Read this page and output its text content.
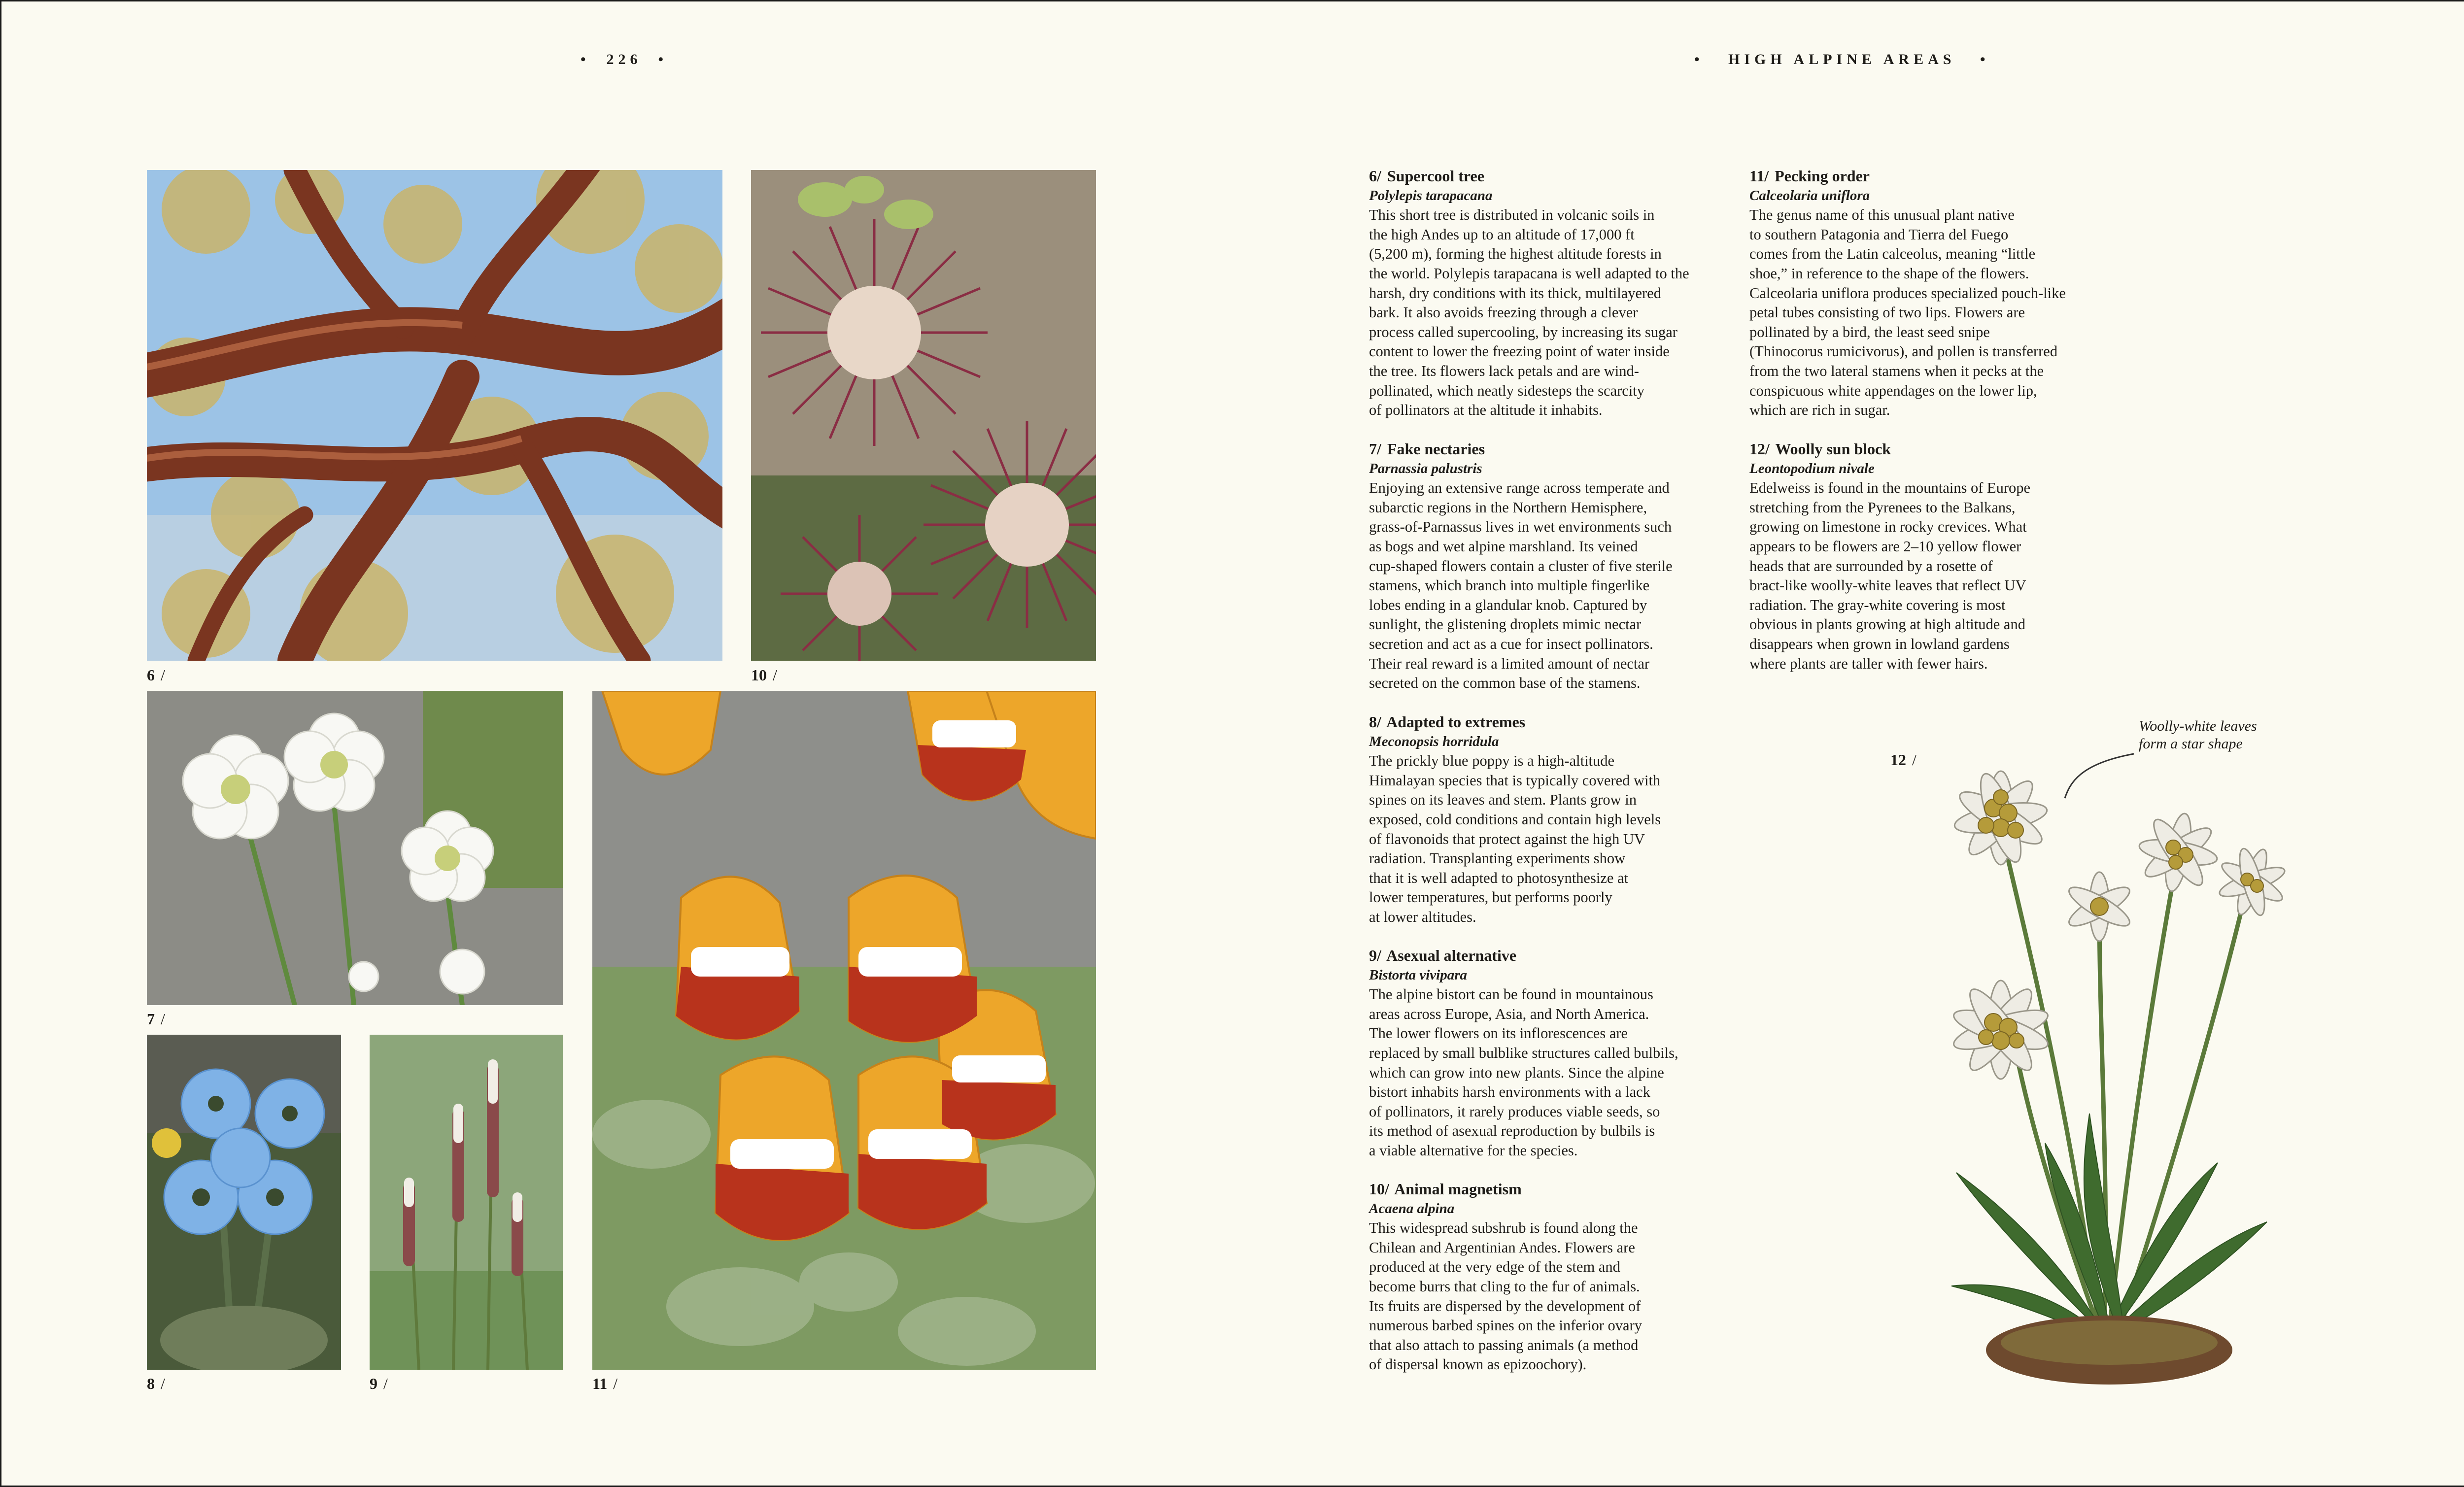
• 226 •	• HIGH ALPINE AREAS •
6 /	10 /
7 /
8 /	9 /	11 /
6/ Supercool tree
Polylepis tarapacana
This short tree is distributed in volcanic soils in
the high Andes up to an altitude of 17,000 ft
(5,200 m), forming the highest altitude forests in
the world. Polylepis tarapacana is well adapted to the
harsh, dry conditions with its thick, multilayered
bark. It also avoids freezing through a clever
process called supercooling, by increasing its sugar
content to lower the freezing point of water inside
the tree. Its flowers lack petals and are wind-
pollinated, which neatly sidesteps the scarcity
of pollinators at the altitude it inhabits.
7/ Fake nectaries
Parnassia palustris
Enjoying an extensive range across temperate and
subarctic regions in the Northern Hemisphere,
grass-of-Parnassus lives in wet environments such
as bogs and wet alpine marshland. Its veined
cup-shaped flowers contain a cluster of five sterile
stamens, which branch into multiple fingerlike
lobes ending in a glandular knob. Captured by
sunlight, the glistening droplets mimic nectar
secretion and act as a cue for insect pollinators.
Their real reward is a limited amount of nectar
secreted on the common base of the stamens.
8/ Adapted to extremes
Meconopsis horridula
The prickly blue poppy is a high-altitude
Himalayan species that is typically covered with
spines on its leaves and stem. Plants grow in
exposed, cold conditions and contain high levels
of flavonoids that protect against the high UV
radiation. Transplanting experiments show
that it is well adapted to photosynthesize at
lower temperatures, but performs poorly
at lower altitudes.
9/ Asexual alternative
Bistorta vivipara
The alpine bistort can be found in mountainous
areas across Europe, Asia, and North America.
The lower flowers on its inflorescences are
replaced by small bulblike structures called bulbils,
which can grow into new plants. Since the alpine
bistort inhabits harsh environments with a lack
of pollinators, it rarely produces viable seeds, so
its method of asexual reproduction by bulbils is
a viable alternative for the species.
10/ Animal magnetism
Acaena alpina
This widespread subshrub is found along the
Chilean and Argentinian Andes. Flowers are
produced at the very edge of the stem and
become burrs that cling to the fur of animals.
Its fruits are dispersed by the development of
numerous barbed spines on the inferior ovary
that also attach to passing animals (a method
of dispersal known as epizoochory).
11/ Pecking order
Calceolaria uniflora
The genus name of this unusual plant native
to southern Patagonia and Tierra del Fuego
comes from the Latin calceolus, meaning “little
shoe,” in reference to the shape of the flowers.
Calceolaria uniflora produces specialized pouch-like
petal tubes consisting of two lips. Flowers are
pollinated by a bird, the least seed snipe
(Thinocorus rumicivorus), and pollen is transferred
from the two lateral stamens when it pecks at the
conspicuous white appendages on the lower lip,
which are rich in sugar.
12/ Woolly sun block
Leontopodium nivale
Edelweiss is found in the mountains of Europe
stretching from the Pyrenees to the Balkans,
growing on limestone in rocky crevices. What
appears to be flowers are 2–10 yellow flower
heads that are surrounded by a rosette of
bract-like woolly-white leaves that reflect UV
radiation. The gray-white covering is most
obvious in plants growing at high altitude and
disappears when grown in lowland gardens
where plants are taller with fewer hairs.
12 /
Woolly-white leaves
form a star shape
